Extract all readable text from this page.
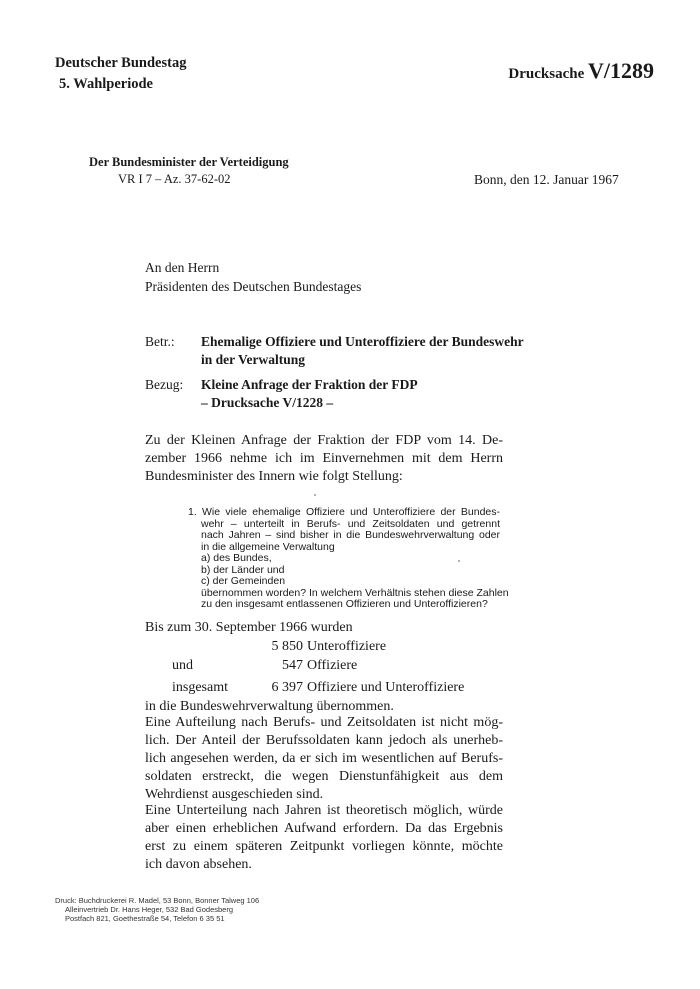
Deutscher Bundestag
5. Wahlperiode
Drucksache V/1289
Der Bundesminister der Verteidigung
VR I 7 – Az. 37-62-02	Bonn, den 12. Januar 1967
An den Herrn
Präsidenten des Deutschen Bundestages
Betr.: Ehemalige Offiziere und Unteroffiziere der Bundeswehr
in der Verwaltung
Bezug: Kleine Anfrage der Fraktion der FDP
– Drucksache V/1228 –
Zu der Kleinen Anfrage der Fraktion der FDP vom 14. De-
zember 1966 nehme ich im Einvernehmen mit dem Herrn
Bundesminister des Innern wie folgt Stellung:
1. Wie viele ehemalige Offiziere und Unteroffiziere der Bundes-
wehr – unterteilt in Berufs- und Zeitsoldaten und getrennt
nach Jahren – sind bisher in die Bundeswehrverwaltung oder
in die allgemeine Verwaltung
a) des Bundes,
b) der Länder und
c) der Gemeinden
übernommen worden? In welchem Verhältnis stehen diese Zahlen
zu den insgesamt entlassenen Offizieren und Unteroffizieren?
Bis zum 30. September 1966 wurden
5 850 Unteroffiziere
und	547 Offiziere
insgesamt	6 397 Offiziere und Unteroffiziere
in die Bundeswehrverwaltung übernommen.
Eine Aufteilung nach Berufs- und Zeitsoldaten ist nicht mög-
lich. Der Anteil der Berufssoldaten kann jedoch als unerheb-
lich angesehen werden, da er sich im wesentlichen auf Berufs-
soldaten erstreckt, die wegen Dienstunfähigkeit aus dem
Wehrdienst ausgeschieden sind.
Eine Unterteilung nach Jahren ist theoretisch möglich, würde
aber einen erheblichen Aufwand erfordern. Da das Ergebnis
erst zu einem späteren Zeitpunkt vorliegen könnte, möchte
ich davon absehen.
Druck: Buchdruckerei R. Madel, 53 Bonn, Bonner Talweg 106
Alleinvertrieb Dr. Hans Heger, 532 Bad Godesberg
Postfach 821, Goethestraße 54, Telefon 6 35 51
